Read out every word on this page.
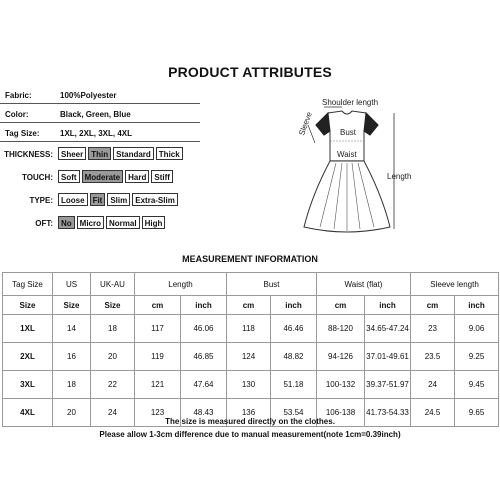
PRODUCT ATTRIBUTES
Fabric:	100%Polyester
Color:	Black, Green, Blue
Tag Size:	1XL, 2XL, 3XL, 4XL
THICKNESS:	Sheer	Thin	Standard	Thick
TOUCH:	Soft	Moderate	Hard	Stiff
TYPE:	Loose	Fit	Slim	Extra-Slim
OFT:	No	Micro	Normal	High
Shoulder length
Sleeve	Bust
Waist
Length
MEASUREMENT INFORMATION
Tag Size	US	UK-AU	Length		Bust		Waist (flat)		Sleeve length	
Size	Size	Size	cm	inch	cm	inch	cm	inch	cm	inch
1XL	14	18	117	46.06	118	46.46	88-120	34.65-47.24	23	9.06
2XL	16	20	119	46.85	124	48.82	94-126	37.01-49.61	23.5	9.25
3XL	18	22	121	47.64	130	51.18	100-132	39.37-51.97	24	9.45
4XL	20	24	123	48.43	136	53.54	106-138	41.73-54.33	24.5	9.65
The size is measured directly on the clothes.
Please allow 1-3cm difference due to manual measurement(note 1cm=0.39inch)
